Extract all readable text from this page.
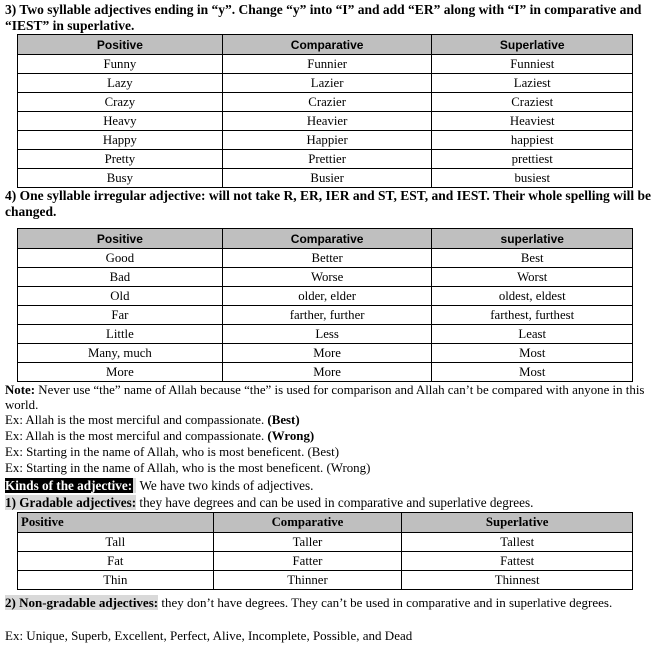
3) Two syllable adjectives ending in “y”. Change “y” into “I” and add “ER” along with “I” in comparative and “IEST” in superlative.

Positive	Comparative	Superlative
Funny	Funnier	Funniest
Lazy	Lazier	Laziest
Crazy	Crazier	Craziest
Heavy	Heavier	Heaviest
Happy	Happier	happiest
Pretty	Prettier	prettiest
Busy	Busier	busiest

4) One syllable irregular adjective: will not take R, ER, IER and ST, EST, and IEST. Their whole spelling will be changed.

Positive	Comparative	superlative
Good	Better	Best
Bad	Worse	Worst
Old	older, elder	oldest, eldest
Far	farther, further	farthest, furthest
Little	Less	Least
Many, much	More	Most
More	More	Most

Note: Never use “the” name of Allah because “the” is used for comparison and Allah can’t be compared with anyone in this world.

Ex: Allah is the most merciful and compassionate. (Best)

Ex: Allah is the most merciful and compassionate. (Wrong)

Ex: Starting in the name of Allah, who is most beneficent. (Best)

Ex: Starting in the name of Allah, who is the most beneficent. (Wrong)

Kinds of the adjective:  We have two kinds of adjectives.

1) Gradable adjectives: they have degrees and can be used in comparative and superlative degrees.

Positive	Comparative	Superlative
Tall	Taller	Tallest
Fat	Fatter	Fattest
Thin	Thinner	Thinnest

2) Non-gradable adjectives: they don’t have degrees. They can’t be used in comparative and in superlative degrees.

Ex: Unique, Superb, Excellent, Perfect, Alive, Incomplete, Possible, and Dead
